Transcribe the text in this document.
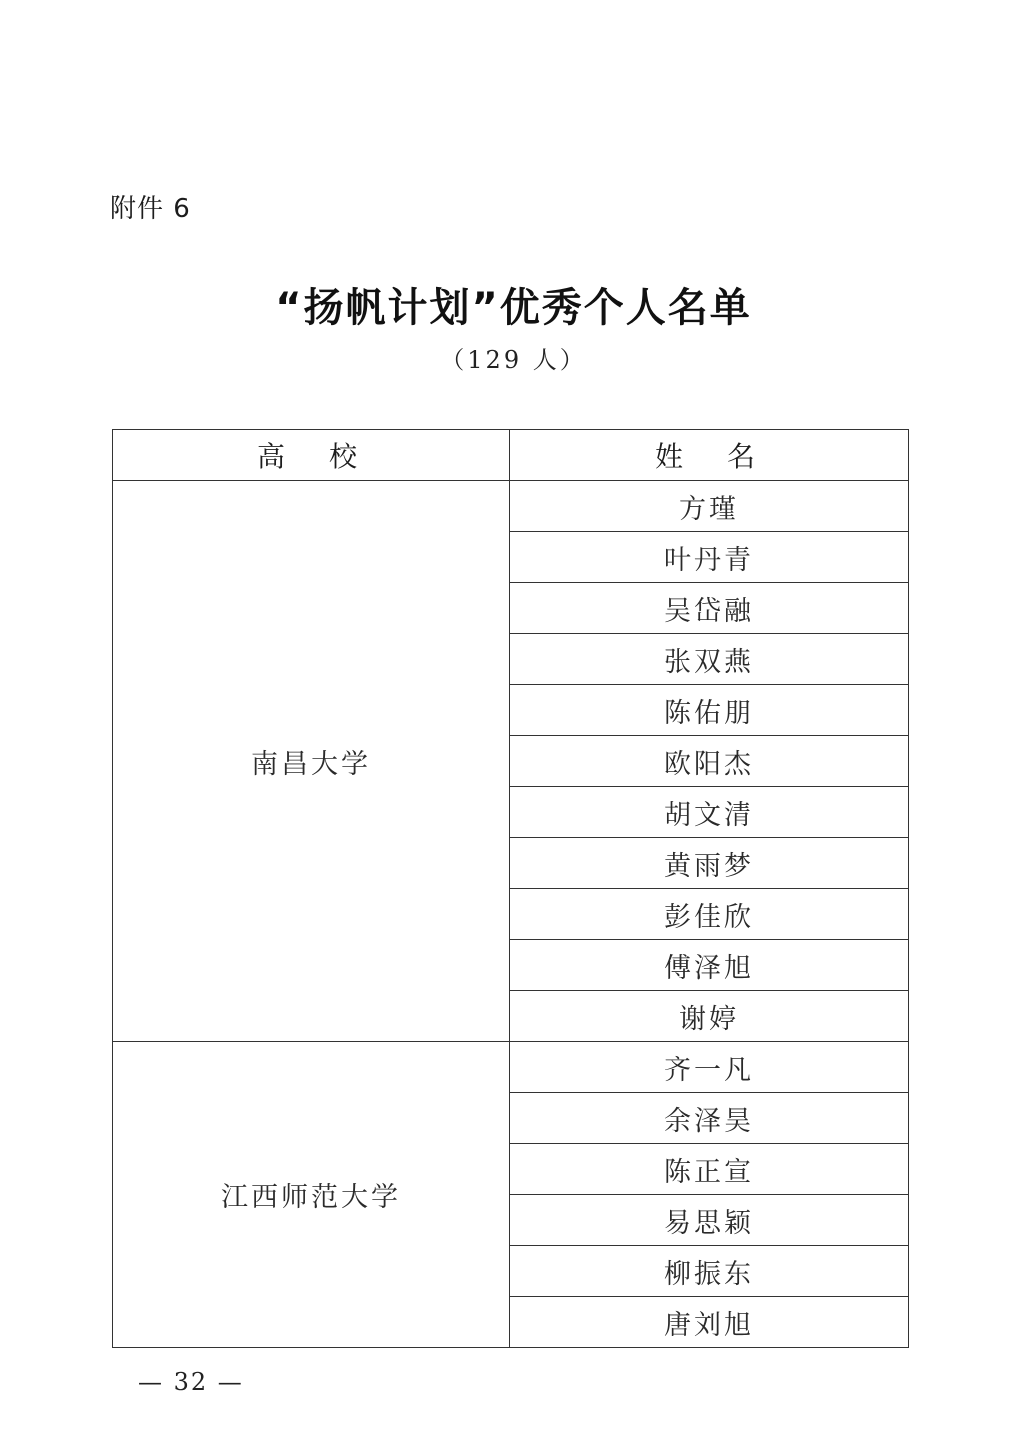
附件 6
“扬帆计划”优秀个人名单
（129 人）
高　校	姓　名
南昌大学	方瑾
	叶丹青
	吴岱融
	张双燕
	陈佑朋
	欧阳杰
	胡文清
	黄雨梦
	彭佳欣
	傅泽旭
	谢婷
江西师范大学	齐一凡
	余泽昊
	陈正宣
	易思颖
	柳振东
	唐刘旭
— 32 —
